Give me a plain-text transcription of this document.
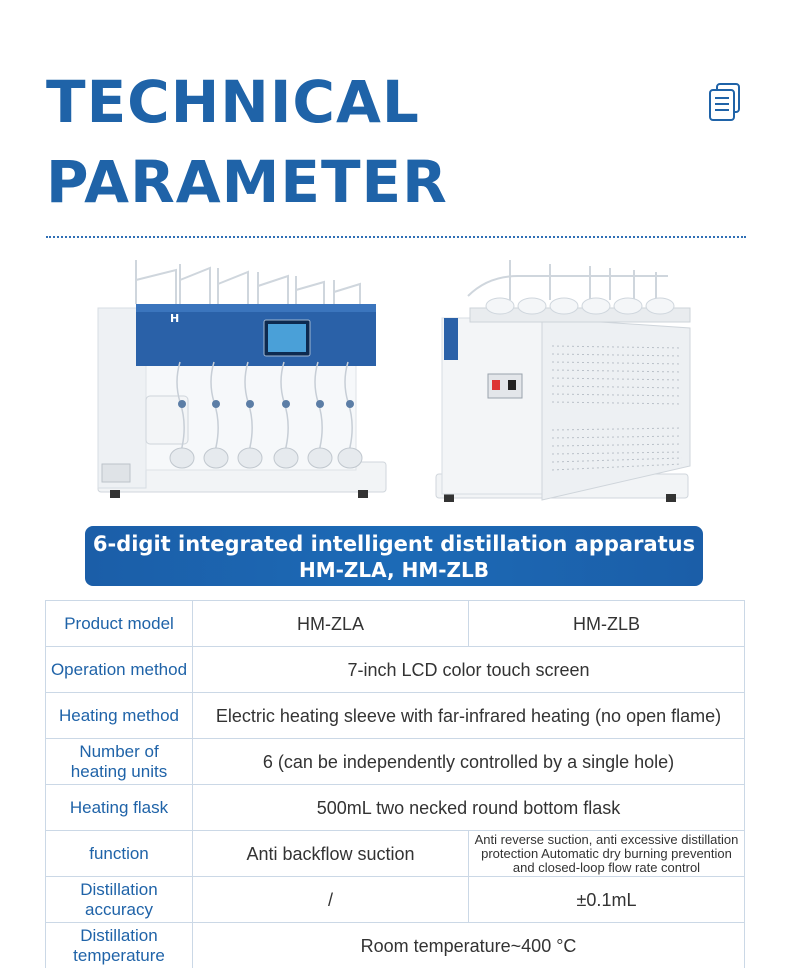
TECHNICAL
PARAMETER
H
6-digit integrated intelligent distillation apparatus
HM-ZLA, HM-ZLB
Product model	HM-ZLA	HM-ZLB
Operation method	7-inch LCD color touch screen	
Heating method	Electric heating sleeve with far-infrared heating (no open flame)	
Number of heating units	6 (can be independently controlled by a single hole)	
Heating flask	500mL two necked round bottom flask	
function	Anti backflow suction	Anti reverse suction, anti excessive distillation protection Automatic dry burning prevention and closed-loop flow rate control
Distillation accuracy	/	±0.1mL
Distillation temperature	Room temperature~400 °C	
